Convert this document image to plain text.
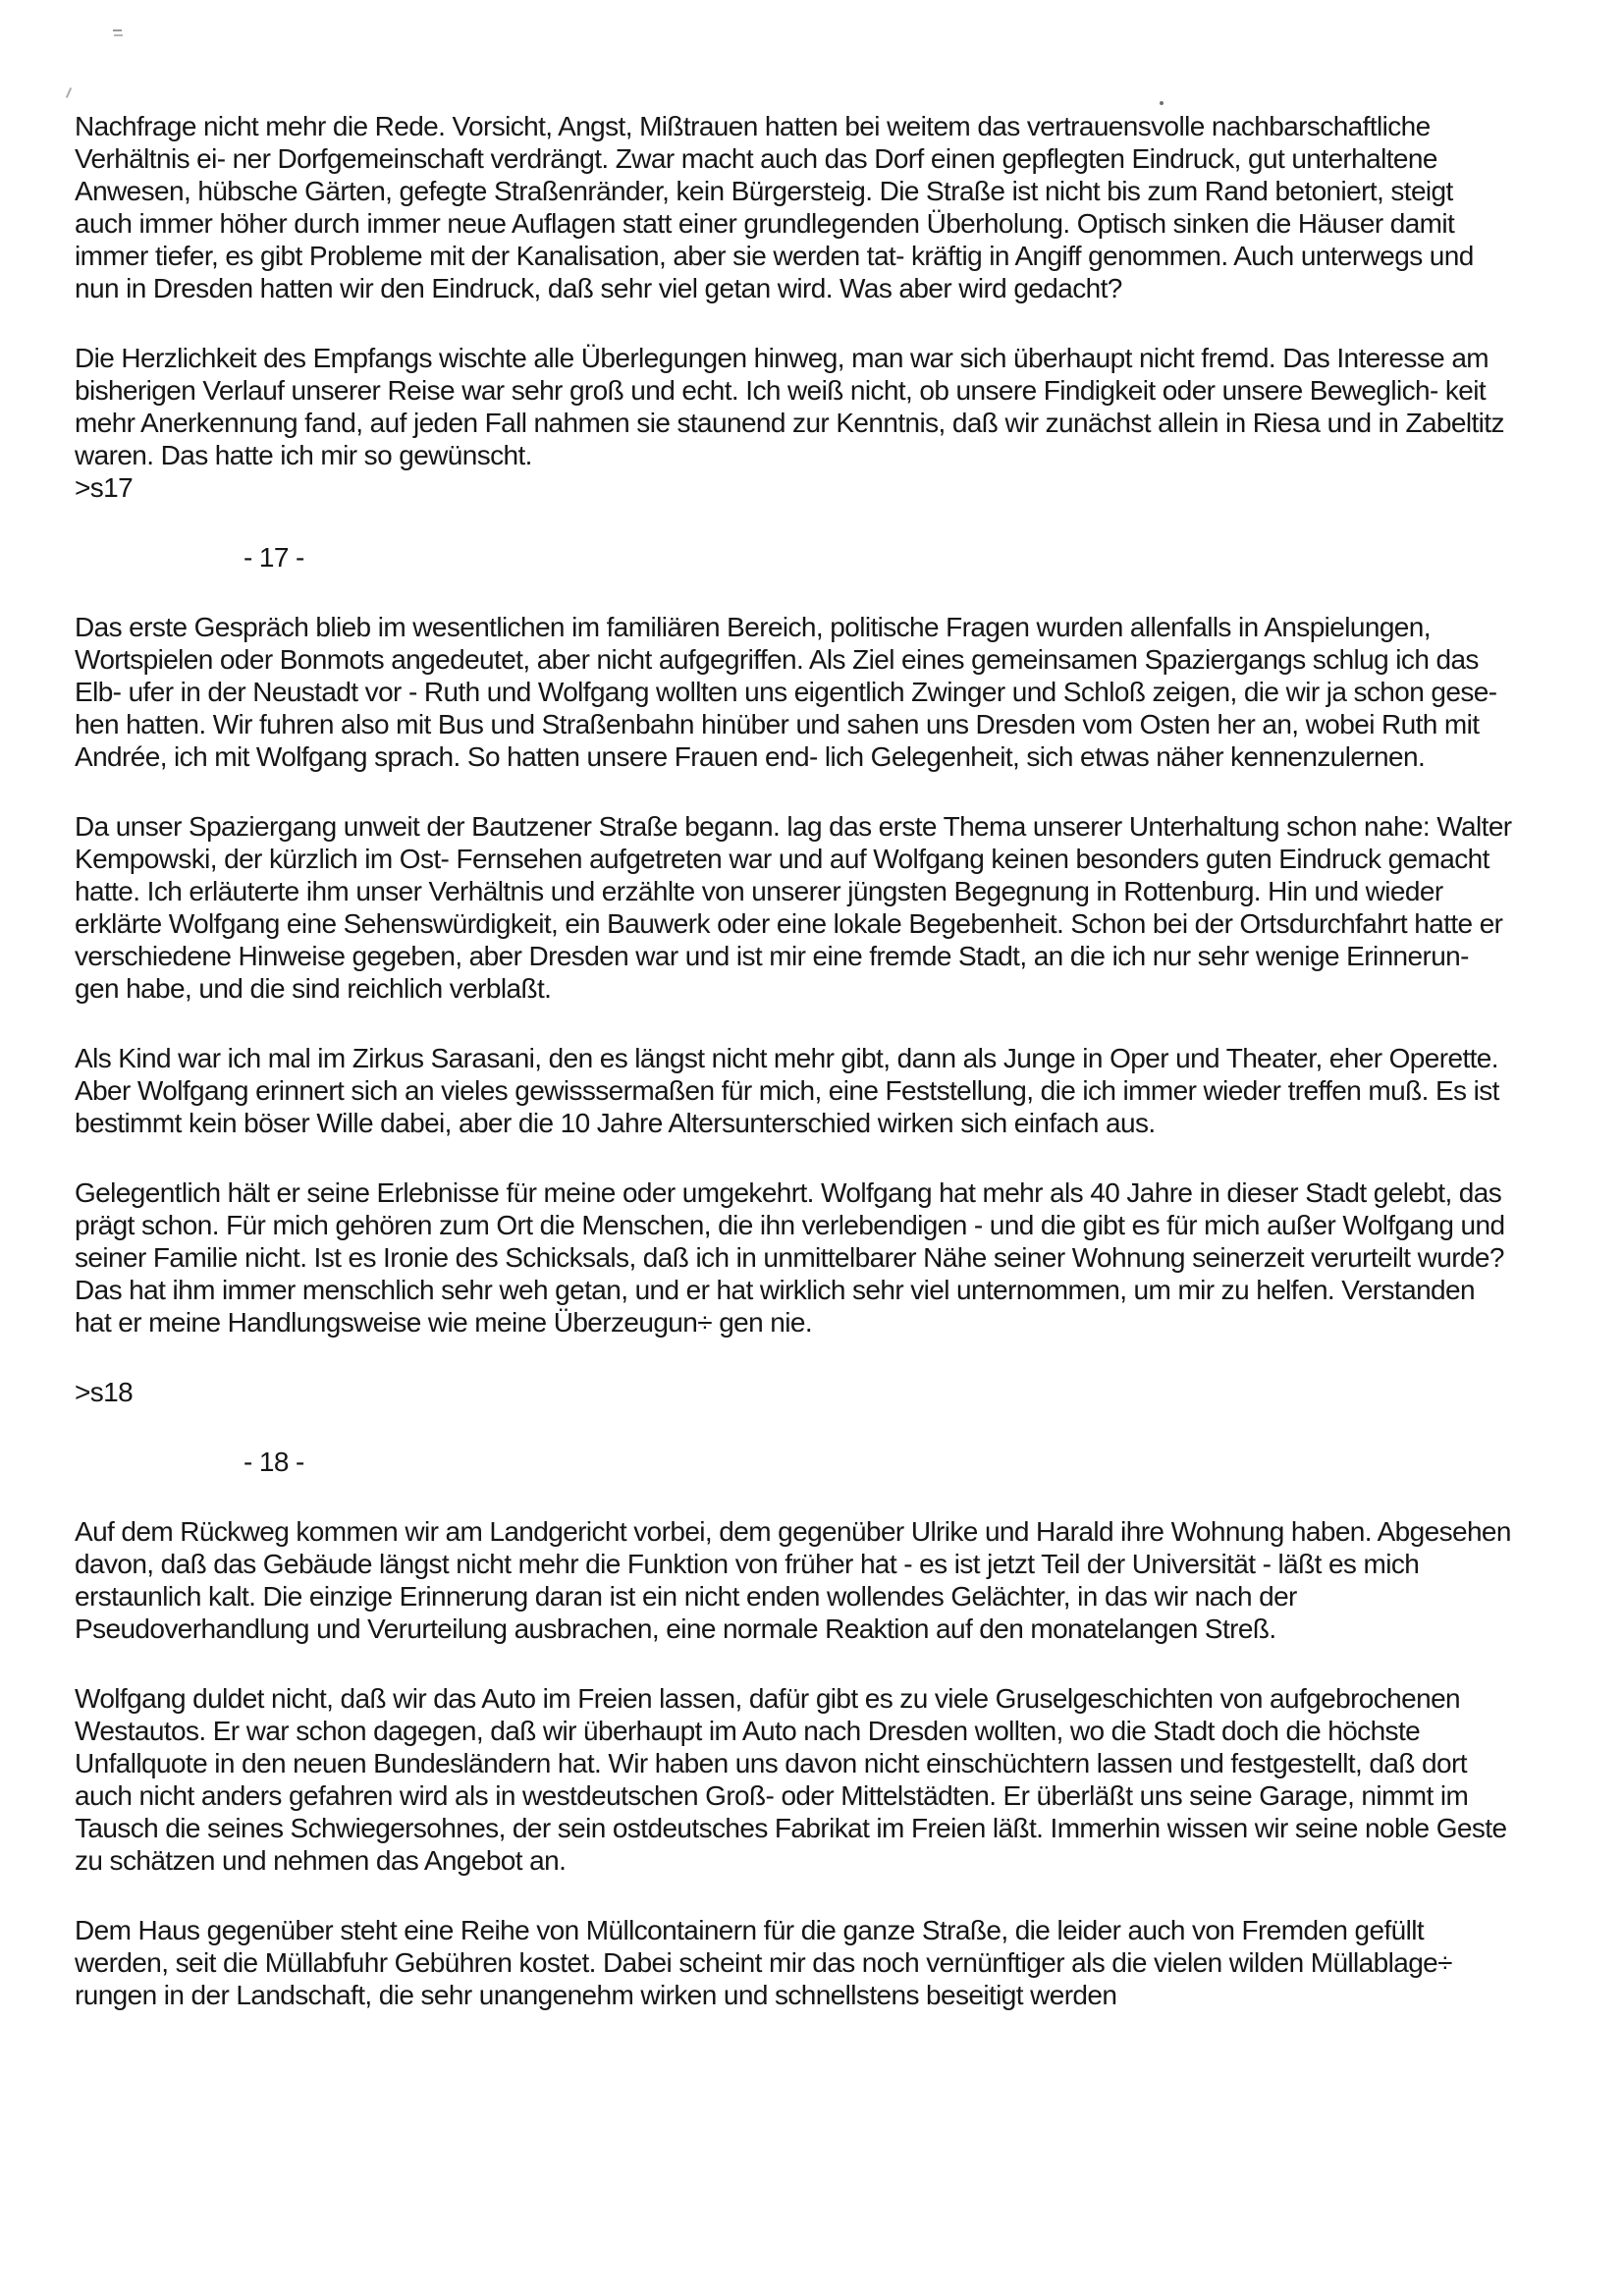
Nachfrage nicht mehr die Rede. Vorsicht, Angst, Mißtrauen hatten bei weitem das vertrauensvolle nachbarschaftliche Verhältnis ei- ner Dorfgemeinschaft verdrängt. Zwar macht auch das Dorf einen gepflegten Eindruck, gut unterhaltene Anwesen, hübsche Gärten, gefegte Straßenränder, kein Bürgersteig. Die Straße ist nicht bis zum Rand betoniert, steigt auch immer höher durch immer neue Auflagen statt einer grundlegenden Überholung. Optisch sinken die Häuser damit immer tiefer, es gibt Probleme mit der Kanalisation, aber sie werden tat- kräftig in Angiff genommen. Auch unterwegs und nun in Dresden hatten wir den Eindruck, daß sehr viel getan wird. Was aber wird gedacht?
Die Herzlichkeit des Empfangs wischte alle Überlegungen hinweg, man war sich überhaupt nicht fremd. Das Interesse am bisherigen Verlauf unserer Reise war sehr groß und echt. Ich weiß nicht, ob unsere Findigkeit oder unsere Beweglich- keit mehr Anerkennung fand, auf jeden Fall nahmen sie staunend zur Kenntnis, daß wir zunächst allein in Riesa und in Zabeltitz waren. Das hatte ich mir so gewünscht.
>s17
- 17 -
Das erste Gespräch blieb im wesentlichen im familiären Bereich, politische Fragen wurden allenfalls in Anspielungen, Wortspielen oder Bonmots angedeutet, aber nicht aufgegriffen. Als Ziel eines gemeinsamen Spaziergangs schlug ich das Elb- ufer in der Neustadt vor - Ruth und Wolfgang wollten uns eigentlich Zwinger und Schloß zeigen, die wir ja schon gese- hen hatten. Wir fuhren also mit Bus und Straßenbahn hinüber und sahen uns Dresden vom Osten her an, wobei Ruth mit Andrée, ich mit Wolfgang sprach. So hatten unsere Frauen end- lich Gelegenheit, sich etwas näher kennenzulernen.
Da unser Spaziergang unweit der Bautzener Straße begann. lag das erste Thema unserer Unterhaltung schon nahe: Walter Kempowski, der kürzlich im Ost- Fernsehen aufgetreten war und auf Wolfgang keinen besonders guten Eindruck gemacht hatte. Ich erläuterte ihm unser Verhältnis und erzählte von unserer jüngsten Begegnung in Rottenburg. Hin und wieder erklärte Wolfgang eine Sehenswürdigkeit, ein Bauwerk oder eine lokale Begebenheit. Schon bei der Ortsdurchfahrt hatte er verschiedene Hinweise gegeben, aber Dresden war und ist mir eine fremde Stadt, an die ich nur sehr wenige Erinnerun- gen habe, und die sind reichlich verblaßt.
Als Kind war ich mal im Zirkus Sarasani, den es längst nicht mehr gibt, dann als Junge in Oper und Theater, eher Operette. Aber Wolfgang erinnert sich an vieles gewisssermaßen für mich, eine Feststellung, die ich immer wieder treffen muß. Es ist bestimmt kein böser Wille dabei, aber die 10 Jahre Altersunterschied wirken sich einfach aus.
Gelegentlich hält er seine Erlebnisse für meine oder umgekehrt. Wolfgang hat mehr als 40 Jahre in dieser Stadt gelebt, das prägt schon. Für mich gehören zum Ort die Menschen, die ihn verlebendigen - und die gibt es für mich außer Wolfgang und seiner Familie nicht. Ist es Ironie des Schicksals, daß ich in unmittelbarer Nähe seiner Wohnung seinerzeit verurteilt wurde? Das hat ihm immer menschlich sehr weh getan, und er hat wirklich sehr viel unternommen, um mir zu helfen. Verstanden hat er meine Handlungsweise wie meine Überzeugun÷ gen nie.
>s18
- 18 -
Auf dem Rückweg kommen wir am Landgericht vorbei, dem gegenüber Ulrike und Harald ihre Wohnung haben. Abgesehen davon, daß das Gebäude längst nicht mehr die Funktion von früher hat - es ist jetzt Teil der Universität - läßt es mich erstaunlich kalt. Die einzige Erinnerung daran ist ein nicht enden wollendes Gelächter, in das wir nach der Pseudoverhandlung und Verurteilung ausbrachen, eine normale Reaktion auf den monatelangen Streß.
Wolfgang duldet nicht, daß wir das Auto im Freien lassen, dafür gibt es zu viele Gruselgeschichten von aufgebrochenen Westautos. Er war schon dagegen, daß wir überhaupt im Auto nach Dresden wollten, wo die Stadt doch die höchste Unfallquote in den neuen Bundesländern hat. Wir haben uns davon nicht einschüchtern lassen und festgestellt, daß dort auch nicht anders gefahren wird als in westdeutschen Groß- oder Mittelstädten. Er überläßt uns seine Garage, nimmt im Tausch die seines Schwiegersohnes, der sein ostdeutsches Fabrikat im Freien läßt. Immerhin wissen wir seine noble Geste zu schätzen und nehmen das Angebot an.
Dem Haus gegenüber steht eine Reihe von Müllcontainern für die ganze Straße, die leider auch von Fremden gefüllt werden, seit die Müllabfuhr Gebühren kostet. Dabei scheint mir das noch vernünftiger als die vielen wilden Müllablage÷ rungen in der Landschaft, die sehr unangenehm wirken und schnellstens beseitigt werden
